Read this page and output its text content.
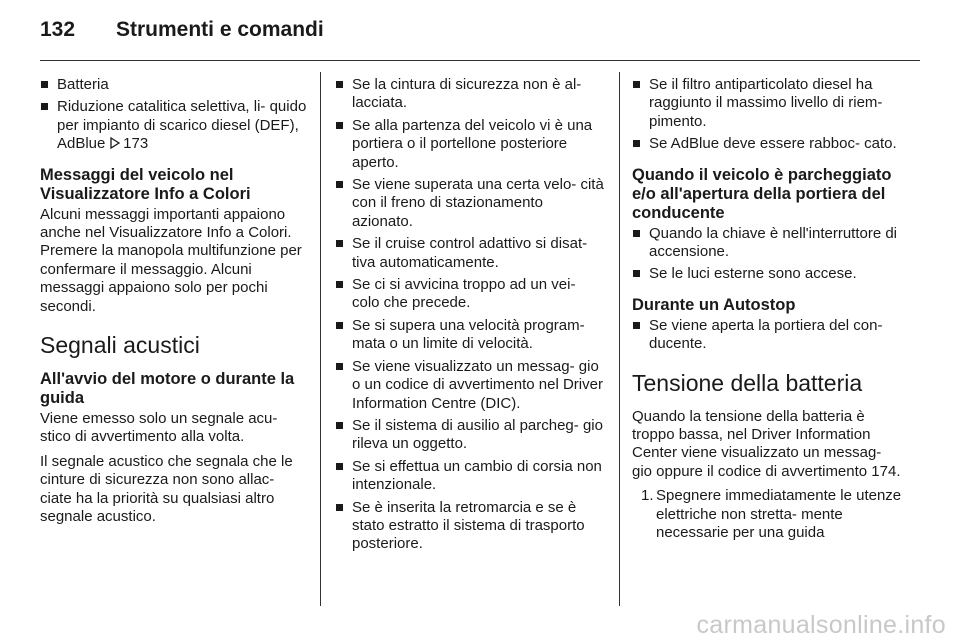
132	Strumenti e comandi
Batteria
Riduzione catalitica selettiva, li- quido per impianto di scarico diesel (DEF), AdBlue 173
Messaggi del veicolo nel Visualizzatore Info a Colori

Alcuni messaggi importanti appaiono anche nel Visualizzatore Info a Colori. Premere la manopola multifunzione per confermare il messaggio. Alcuni messaggi appaiono solo per pochi secondi.

Segnali acustici
All'avvio del motore o durante la guida

Viene emesso solo un segnale acu- stico di avvertimento alla volta.

Il segnale acustico che segnala che le cinture di sicurezza non sono allac- ciate ha la priorità su qualsiasi altro segnale acustico.

Se la cintura di sicurezza non è al- lacciata.
Se alla partenza del veicolo vi è una portiera o il portellone posteriore aperto.
Se viene superata una certa velo- cità con il freno di stazionamento azionato.
Se il cruise control adattivo si disat- tiva automaticamente.
Se ci si avvicina troppo ad un vei- colo che precede.
Se si supera una velocità program- mata o un limite di velocità.
Se viene visualizzato un messag- gio o un codice di avvertimento nel Driver Information Centre (DIC).
Se il sistema di ausilio al parcheg- gio rileva un oggetto.
Se si effettua un cambio di corsia non intenzionale.
Se è inserita la retromarcia e se è stato estratto il sistema di trasporto posteriore.
Se il filtro antiparticolato diesel ha raggiunto il massimo livello di riem- pimento.
Se AdBlue deve essere rabboc- cato.
Quando il veicolo è parcheggiato e/o all'apertura della portiera del conducente
Quando la chiave è nell'interruttore di accensione.
Se le luci esterne sono accese.
Durante un Autostop
Se viene aperta la portiera del con- ducente.
Tensione della batteria

Quando la tensione della batteria è troppo bassa, nel Driver Information Center viene visualizzato un messag- gio oppure il codice di avvertimento 174.

1. Spegnere immediatamente le utenze elettriche non stretta- mente necessarie per una guida
carmanualsonline.info
